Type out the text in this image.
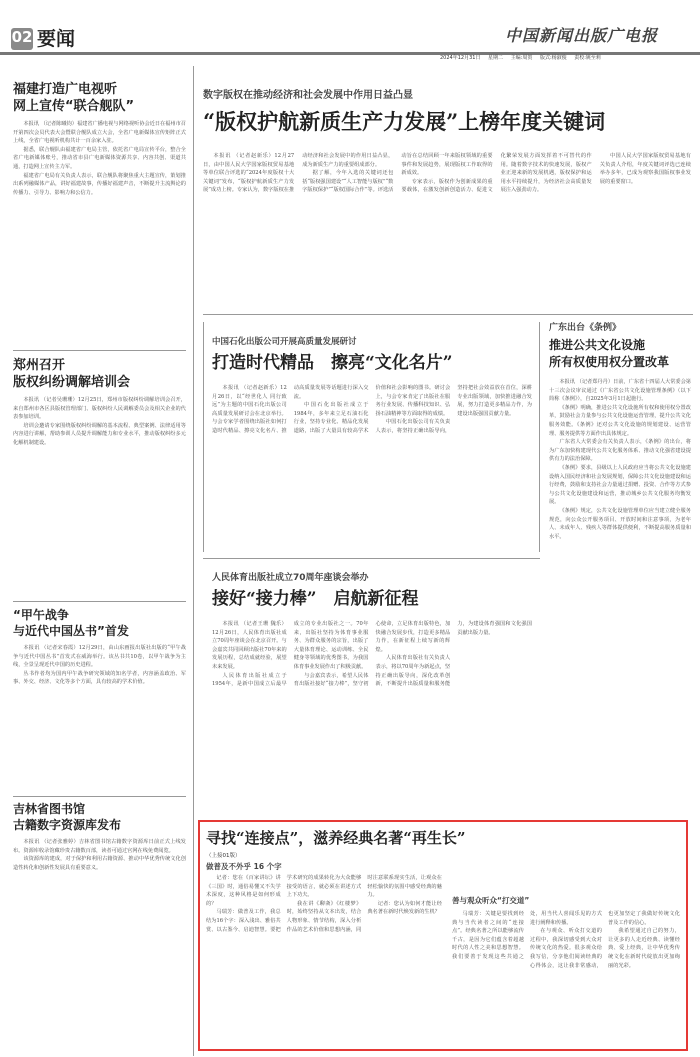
02 要闻	中国新闻出版广电报
2024年12月31日 星期二 主编:周贺 版式:杨淑俊 责校:姚至莉
福建打造广电视听
网上宣传“联合舰队”

本报讯 （记者陈曦钧）福建省广播电视与网络视听协会近日在福州市召开第四次会员代表大会暨联合舰队成立大会，全省广电新媒体宣传矩阵正式上线，全省广电视听机构共计一百余家入驻。

据悉，联合舰队由福建省广电局主管，依托省广电局宣传平台，整合全省广电新媒体账号，推动省市县广电新媒体资源共享、内容共创、渠道共通，打造网上宣传主力军。

福建省广电局有关负责人表示，联合舰队将聚焦重大主题宣传，策划推出系列融媒体产品，讲好福建故事，传播好福建声音，不断提升主流舆论的传播力、引导力、影响力和公信力。

郑州召开
版权纠纷调解培训会

本报讯 （记者吴珊珊）12月25日，郑州市版权纠纷调解培训会召开，来自郑州市各区县版权管理部门、版权纠纷人民调解委员会及相关企业的代表参加培训。

培训会邀请专家围绕版权纠纷调解的基本流程、典型案例、法律适用等内容进行讲解，帮助参训人员提升调解能力和专业水平，推动版权纠纷多元化解机制建设。

“甲午战争
与近代中国丛书”首发

本报讯 （记者宋春霞）12月29日，由山东画报出版社出版的“甲午战争与近代中国丛书”首发式在威海举行。该丛书共10卷，以甲午战争为主线，全景呈现近代中国的历史进程。

丛书作者均为国内甲午战争研究领域的知名学者，内容涵盖政治、军事、外交、经济、文化等多个方面，具有较高的学术价值。

吉林省图书馆
古籍数字资源库发布

本报讯 （记者张雅婷）吉林省图书馆古籍数字资源库日前正式上线发布。资源库收录馆藏珍贵古籍数百部，读者可通过官网在线免费阅览。

该资源库的建成，对于保护和利用古籍资源、推动中华优秀传统文化创造性转化和创新性发展具有重要意义。

数字版权在推动经济和社会发展中作用日益凸显
“版权护航新质生产力发展”上榜年度关键词

本报讯 （记者赵新乐）12月27日，由中国人民大学国家版权贸易基地等单位联合评选的“2024年度版权十大关键词”发布，“版权护航新质生产力发展”成功上榜。专家认为，数字版权在推动经济和社会发展中的作用日益凸显，成为新质生产力的重要组成部分。

据了解，今年入选的关键词还包括“版权强国建设”“人工智能与版权”“数字版权保护”“版权国际合作”等。评选活动旨在总结回顾一年来版权领域的重要事件和发展趋势，展现版权工作取得的新成效。

专家表示，版权作为创新成果的重要载体，在激发创新创造活力、促进文化繁荣发展方面发挥着不可替代的作用。随着数字技术的快速发展，版权产业正迎来新的发展机遇，版权保护和运用水平持续提升，为经济社会高质量发展注入强劲动力。

中国人民大学国家版权贸易基地有关负责人介绍，年度关键词评选已连续举办多年，已成为观察我国版权事业发展的重要窗口。

中国石化出版公司开展高质量发展研讨
打造时代精品　擦亮“文化名片”

本报讯 （记者赵新乐）12月26日，以“经世化人 同行致远”为主题的中国石化出版公司高质量发展研讨会在北京举行。与会专家学者围绕出版社如何打造时代精品、擦亮文化名片、推动高质量发展等话题进行深入交流。

中国石化出版社成立于1984年，多年来立足石油石化行业，坚持专业化、精品化发展道路，出版了大量具有较高学术价值和社会影响的图书。研讨会上，与会专家肯定了出版社在服务行业发展、传播科技知识、弘扬石油精神等方面取得的成绩。

中国石化出版公司有关负责人表示，将坚持正确出版导向，坚持把社会效益放在首位，深耕专业出版领域，加快推进融合发展，努力打造更多精品力作，为建设出版强国贡献力量。

广东出台《条例》
推进公共文化设施
所有权使用权分置改革

本报讯 （记者郑丹丹）日前，广东省十四届人大常委会第十三次会议审议通过《广东省公共文化设施管理条例》（以下简称《条例》），自2025年3月1日起施行。

《条例》明确，推进公共文化设施所有权和使用权分置改革，鼓励社会力量参与公共文化设施运营管理，提升公共文化服务效能。《条例》还对公共文化设施的规划建设、运营管理、服务提供等方面作出具体规定。

广东省人大常委会有关负责人表示，《条例》的出台，将为广东加快构建现代公共文化服务体系、推动文化强省建设提供有力的法治保障。

《条例》要求，县级以上人民政府应当将公共文化设施建设纳入国民经济和社会发展规划，保障公共文化设施建设和运行经费，鼓励和支持社会力量通过捐赠、投资、合作等方式参与公共文化设施建设和运营，推动城乡公共文化服务均衡发展。

《条例》规定，公共文化设施管理单位应当建立健全服务规范，向公众公开服务项目、开放时间和注意事项，为老年人、未成年人、残疾人等群体提供便利，不断提高服务质量和水平。

人民体育出版社成立70周年座谈会举办
接好“接力棒”　启航新征程

本报讯 （记者王珊 魏乐）12月26日，人民体育出版社成立70周年座谈会在北京召开。与会嘉宾共同回顾出版社70年来的发展历程，总结成就经验，展望未来发展。

人民体育出版社成立于1954年，是新中国成立后最早成立的专业出版社之一。70年来，出版社坚持为体育事业服务、为群众服务的宗旨，出版了大量体育理论、运动训练、全民健身等领域的优秀图书，为我国体育事业发展作出了积极贡献。

与会嘉宾表示，希望人民体育出版社接好“接力棒”，坚守初心使命，立足体育出版特色，加快融合发展步伐，打造更多精品力作，在新征程上续写新的辉煌。

人民体育出版社有关负责人表示，将以70周年为新起点，坚持正确出版导向，深化改革创新，不断提升出版质量和服务能力，为建设体育强国和文化强国贡献出版力量。

寻找“连接点”，滋养经典名著“再生长”
（上接01版）
做普及不外乎 16 个字
善与观众听众“打交道”

记者：您在《百家讲坛》讲《三国》时，通俗易懂又不失学术深度，这种风格是如何形成的？

马瑞芳：做普及工作，我总结为16个字：深入浅出、雅俗共赏、以古鉴今、启迪智慧。要把学术研究的成果转化为大众能够接受的语言，就必须在讲述方式上下功夫。

我在讲《聊斋》《红楼梦》时，始终坚持从文本出发，结合人物形象、情节结构，深入分析作品的艺术价值和思想内涵，同时注意联系现实生活，让观众在轻松愉快的氛围中感受经典的魅力。

记者：您认为如何才能让经典名著在新时代焕发新的生机？	马瑞芳：关键是要找到经典与当代读者之间的“连接点”。经典名著之所以能够流传千古，是因为它们蕴含着超越时代的人性之美和思想智慧。我们要善于发现这些共通之处，用当代人喜闻乐见的方式进行阐释和传播。

在与观众、听众打交道的过程中，我深切感受到大众对传统文化的热爱。很多观众给我写信，分享他们阅读经典的心得体会，这让我非常感动，也更加坚定了我做好传统文化普及工作的信心。

我希望通过自己的努力，让更多的人走近经典、读懂经典、爱上经典，让中华优秀传统文化在新时代绽放出更加绚丽的光彩。
